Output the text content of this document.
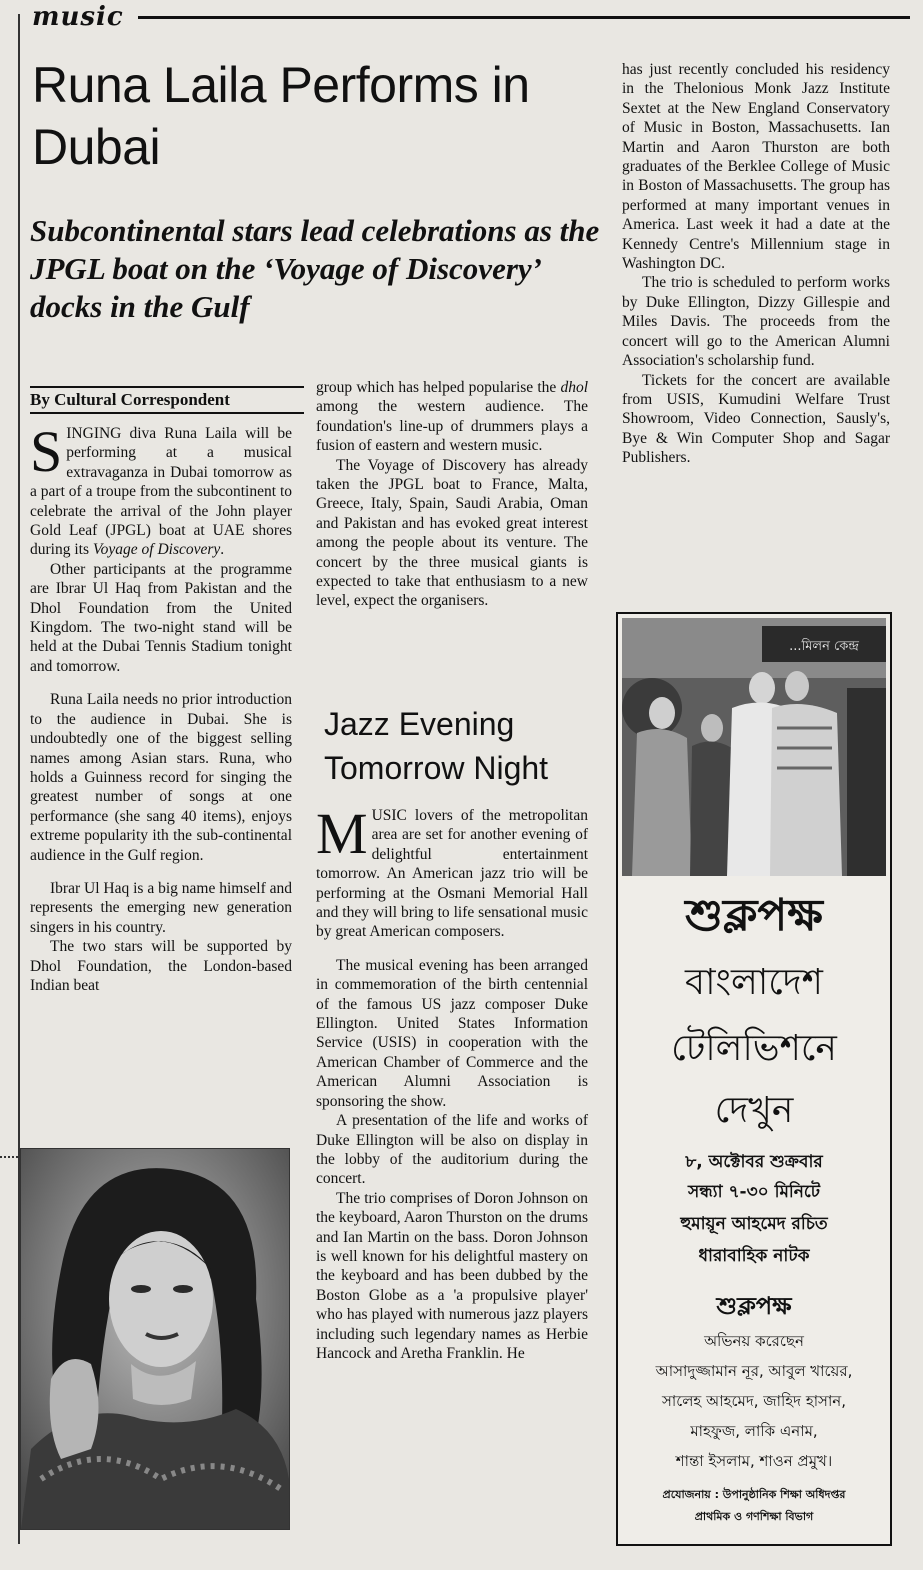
music
Runa Laila Performs in Dubai
Subcontinental stars lead celebrations as the JPGL boat on the ‘Voyage of Discovery’ docks in the Gulf
By Cultural Correspondent

SINGING diva Runa Laila will be performing at a musical extravaganza in Dubai tomorrow as a part of a troupe from the subcontinent to celebrate the arrival of the John player Gold Leaf (JPGL) boat at UAE shores during its Voyage of Discovery.

Other participants at the programme are Ibrar Ul Haq from Pakistan and the Dhol Foundation from the United Kingdom. The two-night stand will be held at the Dubai Tennis Stadium tonight and tomorrow.

Runa Laila needs no prior introduction to the audience in Dubai. She is undoubtedly one of the biggest selling names among Asian stars. Runa, who holds a Guinness record for singing the greatest number of songs at one performance (she sang 40 items), enjoys extreme popularity ith the sub-continental audience in the Gulf region.

Ibrar Ul Haq is a big name himself and represents the emerging new generation singers in his country.

The two stars will be supported by Dhol Foundation, the London-based Indian beat

group which has helped popularise the dhol among the western audience. The foundation's line-up of drummers plays a fusion of eastern and western music.

The Voyage of Discovery has already taken the JPGL boat to France, Malta, Greece, Italy, Spain, Saudi Arabia, Oman and Pakistan and has evoked great interest among the people about its venture. The concert by the three musical giants is expected to take that enthusiasm to a new level, expect the organisers.

Jazz Evening Tomorrow Night

MUSIC lovers of the metropolitan area are set for another evening of delightful entertainment tomorrow. An American jazz trio will be performing at the Osmani Memorial Hall and they will bring to life sensational music by great American composers.

The musical evening has been arranged in commemoration of the birth centennial of the famous US jazz composer Duke Ellington. United States Information Service (USIS) in cooperation with the American Chamber of Commerce and the American Alumni Association is sponsoring the show.

A presentation of the life and works of Duke Ellington will be also on display in the lobby of the auditorium during the concert.

The trio comprises of Doron Johnson on the keyboard, Aaron Thurston on the drums and Ian Martin on the bass. Doron Johnson is well known for his delightful mastery on the keyboard and has been dubbed by the Boston Globe as a 'a propulsive player' who has played with numerous jazz players including such legendary names as Herbie Hancock and Aretha Franklin. He

has just recently concluded his residency in the Thelonious Monk Jazz Institute Sextet at the New England Conservatory of Music in Boston, Massachusetts. Ian Martin and Aaron Thurston are both graduates of the Berklee College of Music in Boston of Massachusetts. The group has performed at many important venues in America. Last week it had a date at the Kennedy Centre's Millennium stage in Washington DC.

The trio is scheduled to perform works by Duke Ellington, Dizzy Gillespie and Miles Davis. The proceeds from the concert will go to the American Alumni Association's scholarship fund.

Tickets for the concert are available from USIS, Kumudini Welfare Trust Showroom, Video Connection, Sausly's, Bye & Win Computer Shop and Sagar Publishers.

...মিলন কেন্দ্র
শুক্লপক্ষ
বাংলাদেশ
টেলিভিশনে
দেখুন
৮, অক্টোবর শুক্রবার
সন্ধ্যা ৭-৩০ মিনিটে
হুমায়ূন আহমেদ রচিত
ধারাবাহিক নাটক
শুক্লপক্ষ
অভিনয় করেছেন
আসাদুজ্জামান নূর, আবুল খায়ের,
সালেহ আহমেদ, জাহিদ হাসান,
মাহফুজ, লাকি এনাম,
শান্তা ইসলাম, শাওন প্রমুখ।
প্রযোজনায় : উপানুষ্ঠানিক শিক্ষা অধিদপ্তর
প্রাথমিক ও গণশিক্ষা বিভাগ
